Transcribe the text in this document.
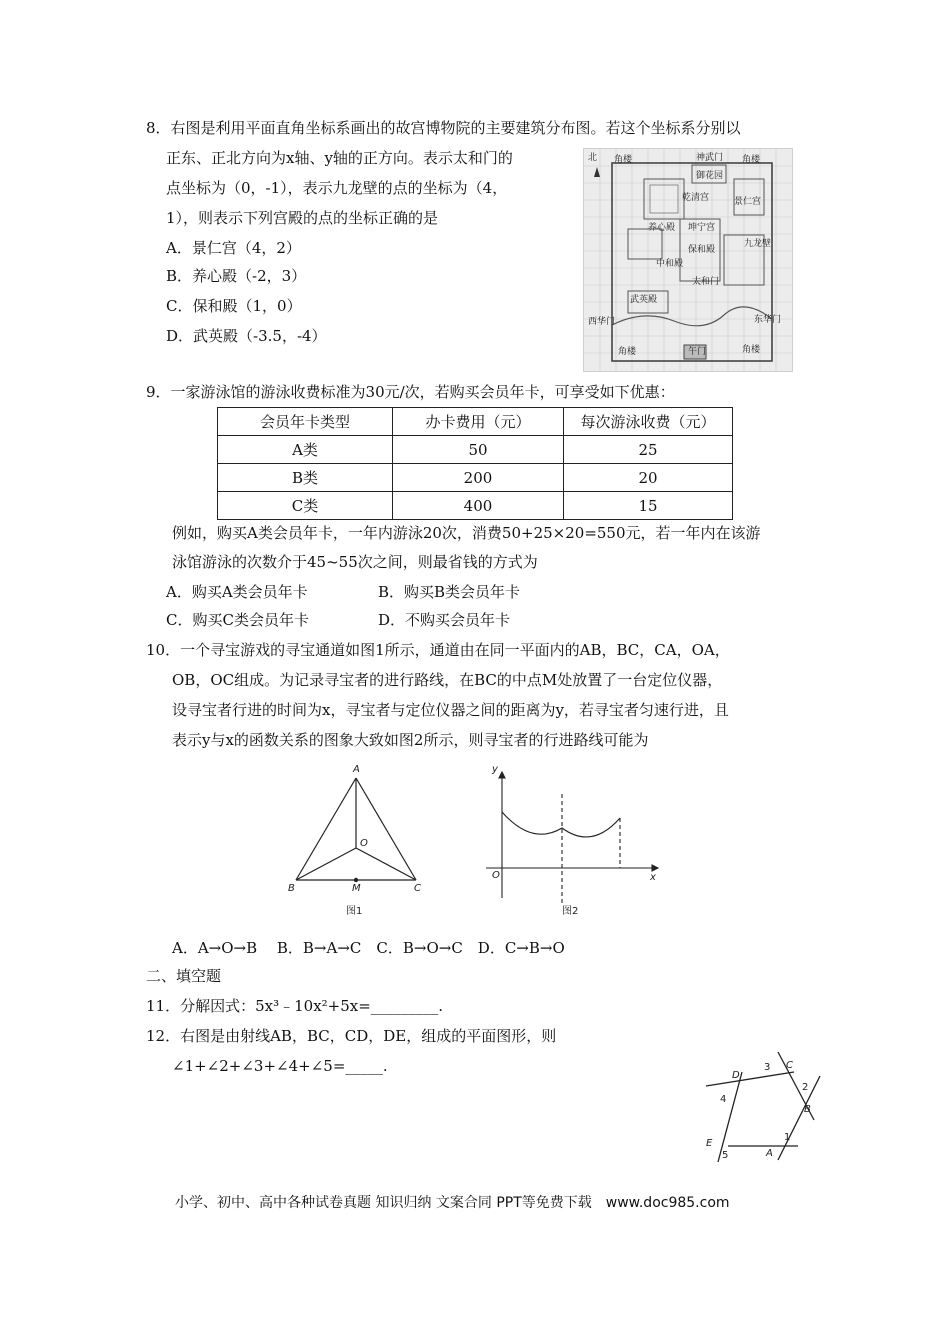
8．右图是利用平面直角坐标系画出的故宫博物院的主要建筑分布图。若这个坐标系分别以
正东、正北方向为x轴、y轴的正方向。表示太和门的
点坐标为（0，-1），表示九龙壁的点的坐标为（4，
1），则表示下列宫殿的点的坐标正确的是
A．景仁宫（4，2）
B．养心殿（-2，3）
C．保和殿（1，0）
D．武英殿（-3.5，-4）
北 角楼	神武门 角楼
御花园
乾清宫	景仁宫
养心殿 坤宁宫
保和殿
九龙壁
中和殿
太和门
武英殿
西华门	东华门
角楼	午门	角楼
9．一家游泳馆的游泳收费标准为30元/次，若购买会员年卡，可享受如下优惠：
会员年卡类型	办卡费用（元）	每次游泳收费（元）
A类	50	25
B类	200	20
C类	400	15
例如，购买A类会员年卡，一年内游泳20次，消费50+25×20=550元，若一年内在该游
泳馆游泳的次数介于45~55次之间，则最省钱的方式为
A．购买A类会员年卡	B．购买B类会员年卡
C．购买C类会员年卡	D．不购买会员年卡
10．一个寻宝游戏的寻宝通道如图1所示，通道由在同一平面内的AB，BC，CA，OA，
OB，OC组成。为记录寻宝者的进行路线，在BC的中点M处放置了一台定位仪器，
设寻宝者行进的时间为x，寻宝者与定位仪器之间的距离为y，若寻宝者匀速行进，且
表示y与x的函数关系的图象大致如图2所示，则寻宝者的行进路线可能为
A
O
B	M	C
图1
y
O	x
图2
A．A→O→B　 B．B→A→C　C．B→O→C　D．C→B→O
二、填空题
11．分解因式：5x³﹣10x²+5x=_________.
12．右图是由射线AB，BC，CD，DE，组成的平面图形，则
∠1+∠2+∠3+∠4+∠5=_____.
D
3 C
2
4
B
E
1
A
5
小学、初中、高中各种试卷真题 知识归纳 文案合同 PPT等免费下载　www.doc985.com
